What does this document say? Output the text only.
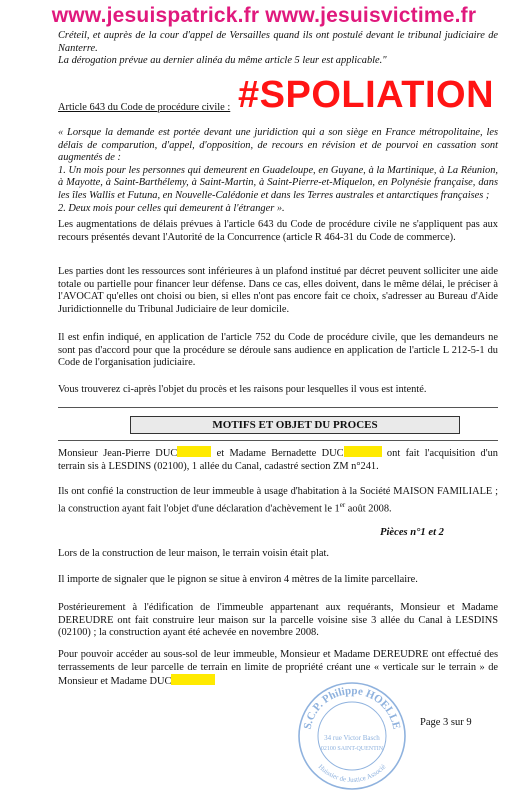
www.jesuispatrick.fr www.jesuisvictime.fr
Créteil, et auprès de la cour d'appel de Versailles quand ils ont postulé devant le tribunal judiciaire de Nanterre.
La dérogation prévue au dernier alinéa du même article 5 leur est applicable."
#SPOLIATION
Article 643 du Code de procédure civile :
« Lorsque la demande est portée devant une juridiction qui a son siège en France métropolitaine, les délais de comparution, d'appel, d'opposition, de recours en révision et de pourvoi en cassation sont augmentés de :
1. Un mois pour les personnes qui demeurent en Guadeloupe, en Guyane, à la Martinique, à La Réunion, à Mayotte, à Saint-Barthélemy, à Saint-Martin, à Saint-Pierre-et-Miquelon, en Polynésie française, dans les îles Wallis et Futuna, en Nouvelle-Calédonie et dans les Terres australes et antarctiques françaises ;
2. Deux mois pour celles qui demeurent à l'étranger ».
Les augmentations de délais prévues à l'article 643 du Code de procédure civile ne s'appliquent pas aux recours présentés devant l'Autorité de la Concurrence (article R 464-31 du Code de commerce).
Les parties dont les ressources sont inférieures à un plafond institué par décret peuvent solliciter une aide totale ou partielle pour financer leur défense. Dans ce cas, elles doivent, dans le même délai, le préciser à l'AVOCAT qu'elles ont choisi ou bien, si elles n'ont pas encore fait ce choix, s'adresser au Bureau d'Aide Juridictionnelle du Tribunal Judiciaire de leur domicile.
Il est enfin indiqué, en application de l'article 752 du Code de procédure civile, que les demandeurs ne sont pas d'accord pour que la procédure se déroule sans audience en application de l'article L 212-5-1 du Code de l'organisation judiciaire.
Vous trouverez ci-après l'objet du procès et les raisons pour lesquelles il vous est intenté.
MOTIFS ET OBJET DU PROCES
Monsieur Jean-Pierre DUC	et Madame Bernadette DUC	ont fait l'acquisition d'un terrain sis à LESDINS (02100), 1 allée du Canal, cadastré section ZM n°241.
Ils ont confié la construction de leur immeuble à usage d'habitation à la Société MAISON FAMILIALE ; la construction ayant fait l'objet d'une déclaration d'achèvement le 1er août 2008.
Pièces n°1 et 2
Lors de la construction de leur maison, le terrain voisin était plat.
Il importe de signaler que le pignon se situe à environ 4 mètres de la limite parcellaire.
Postérieurement à l'édification de l'immeuble appartenant aux requérants, Monsieur et Madame DEREUDRE ont fait construire leur maison sur la parcelle voisine sise 3 allée du Canal à LESDINS (02100) ; la construction ayant été achevée en novembre 2008.
Pour pouvoir accéder au sous-sol de leur immeuble, Monsieur et Madame DEREUDRE ont effectué des terrassements de leur parcelle de terrain en limite de propriété créant une « verticale sur le terrain » de Monsieur et Madame DUC
S.C.P. Philippe HOELLE
Huissier de Justice Associé
34 rue Victor Basch
02100 SAINT-QUENTIN
Page 3 sur 9
